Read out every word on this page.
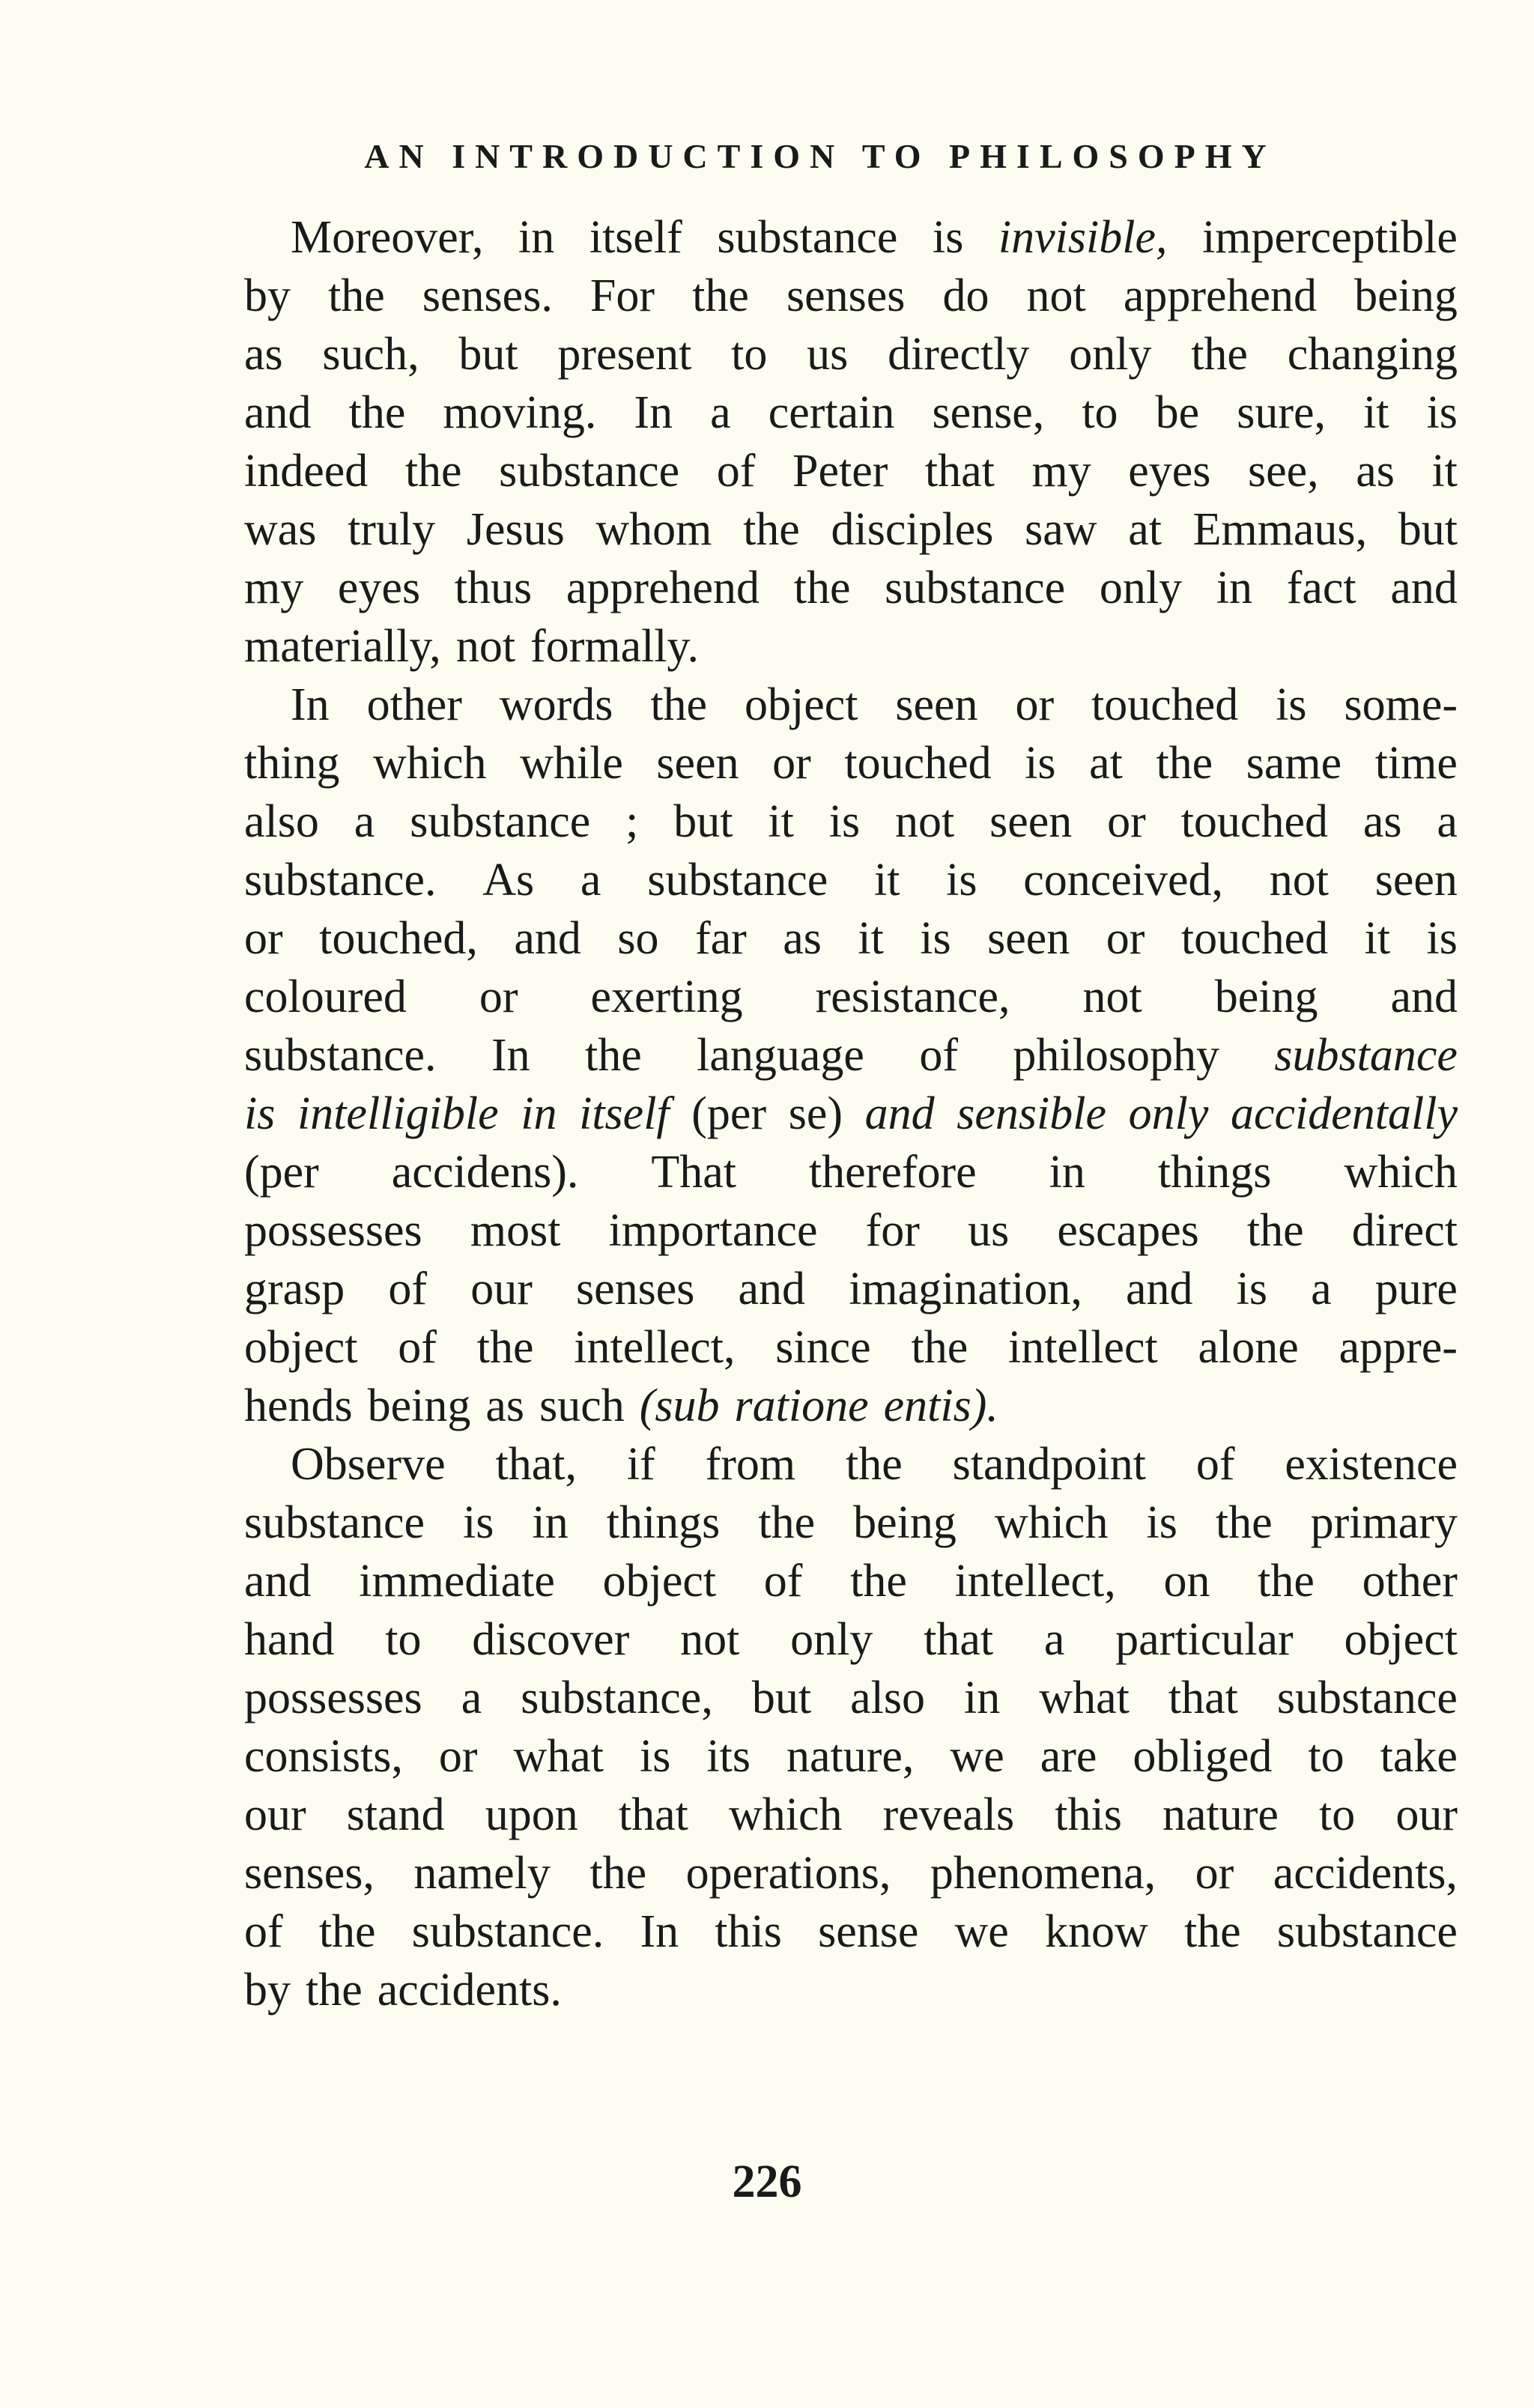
AN INTRODUCTION TO PHILOSOPHY
Moreover, in itself substance is invisible, imperceptible
by the senses. For the senses do not apprehend being
as such, but present to us directly only the changing
and the moving. In a certain sense, to be sure, it is
indeed the substance of Peter that my eyes see, as it
was truly Jesus whom the disciples saw at Emmaus, but
my eyes thus apprehend the substance only in fact and
materially, not formally.
In other words the object seen or touched is some-
thing which while seen or touched is at the same time
also a substance ; but it is not seen or touched as a
substance. As a substance it is conceived, not seen
or touched, and so far as it is seen or touched it is
coloured or exerting resistance, not being and
substance. In the language of philosophy substance
is intelligible in itself (per se) and sensible only accidentally
(per accidens). That therefore in things which
possesses most importance for us escapes the direct
grasp of our senses and imagination, and is a pure
object of the intellect, since the intellect alone appre-
hends being as such (sub ratione entis).
Observe that, if from the standpoint of existence
substance is in things the being which is the primary
and immediate object of the intellect, on the other
hand to discover not only that a particular object
possesses a substance, but also in what that substance
consists, or what is its nature, we are obliged to take
our stand upon that which reveals this nature to our
senses, namely the operations, phenomena, or accidents,
of the substance. In this sense we know the substance
by the accidents.
226
